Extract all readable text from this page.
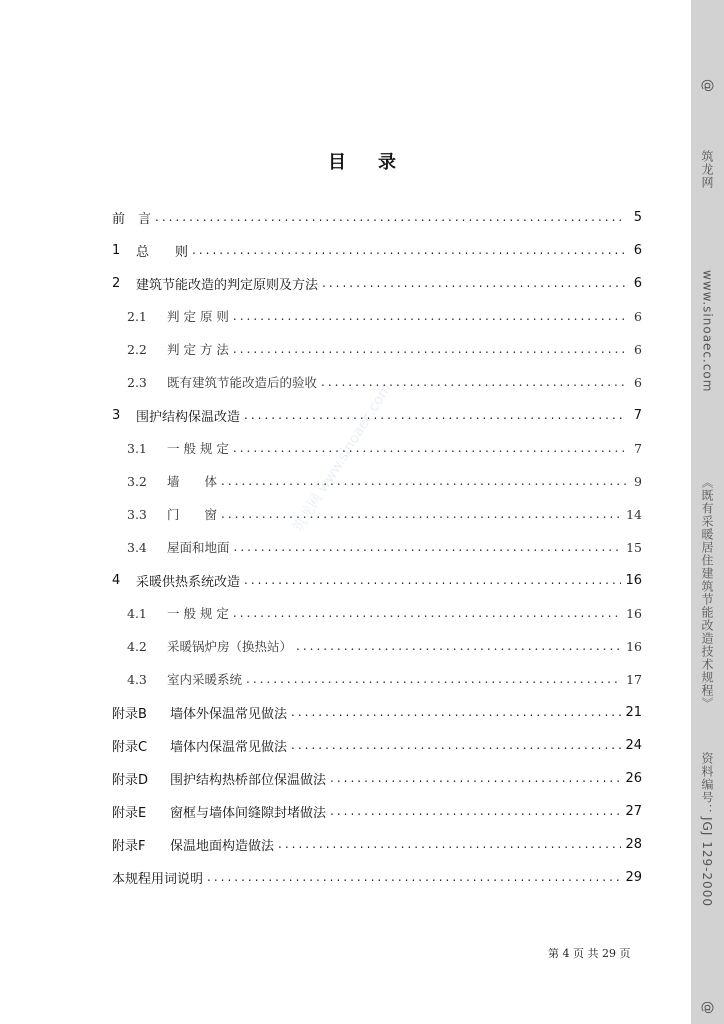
@
筑龙网
www.sinoaec.com
《既有采暖居住建筑节能改造技术规程》
资料编号：JGJ 129-2000
@
目 录
筑龙网 www.sinoaec.com
前　言 .....	5
1	总　　则 .....	6
2	建筑节能改造的判定原则及方法 .....	6
2.1	判 定 原 则 .....	6
2.2	判 定 方 法 .....	6
2.3	既有建筑节能改造后的验收 .....	6
3	围护结构保温改造 .....	7
3.1	一 般 规 定 .....	7
3.2	墙　　体 .....	9
3.3	门　　窗 .....	14
3.4	屋面和地面 .....	15
4	采暖供热系统改造 .....	16
4.1	一 般 规 定 .....	16
4.2	采暖锅炉房（换热站） .....	16
4.3	室内采暖系统 .....	17
附录B	墙体外保温常见做法 .....	21
附录C	墙体内保温常见做法 .....	24
附录D	围护结构热桥部位保温做法 .....	26
附录E	窗框与墙体间缝隙封堵做法 .....	27
附录F	保温地面构造做法 .....	28
本规程用词说明 .....	29
第 4 页 共 29 页
